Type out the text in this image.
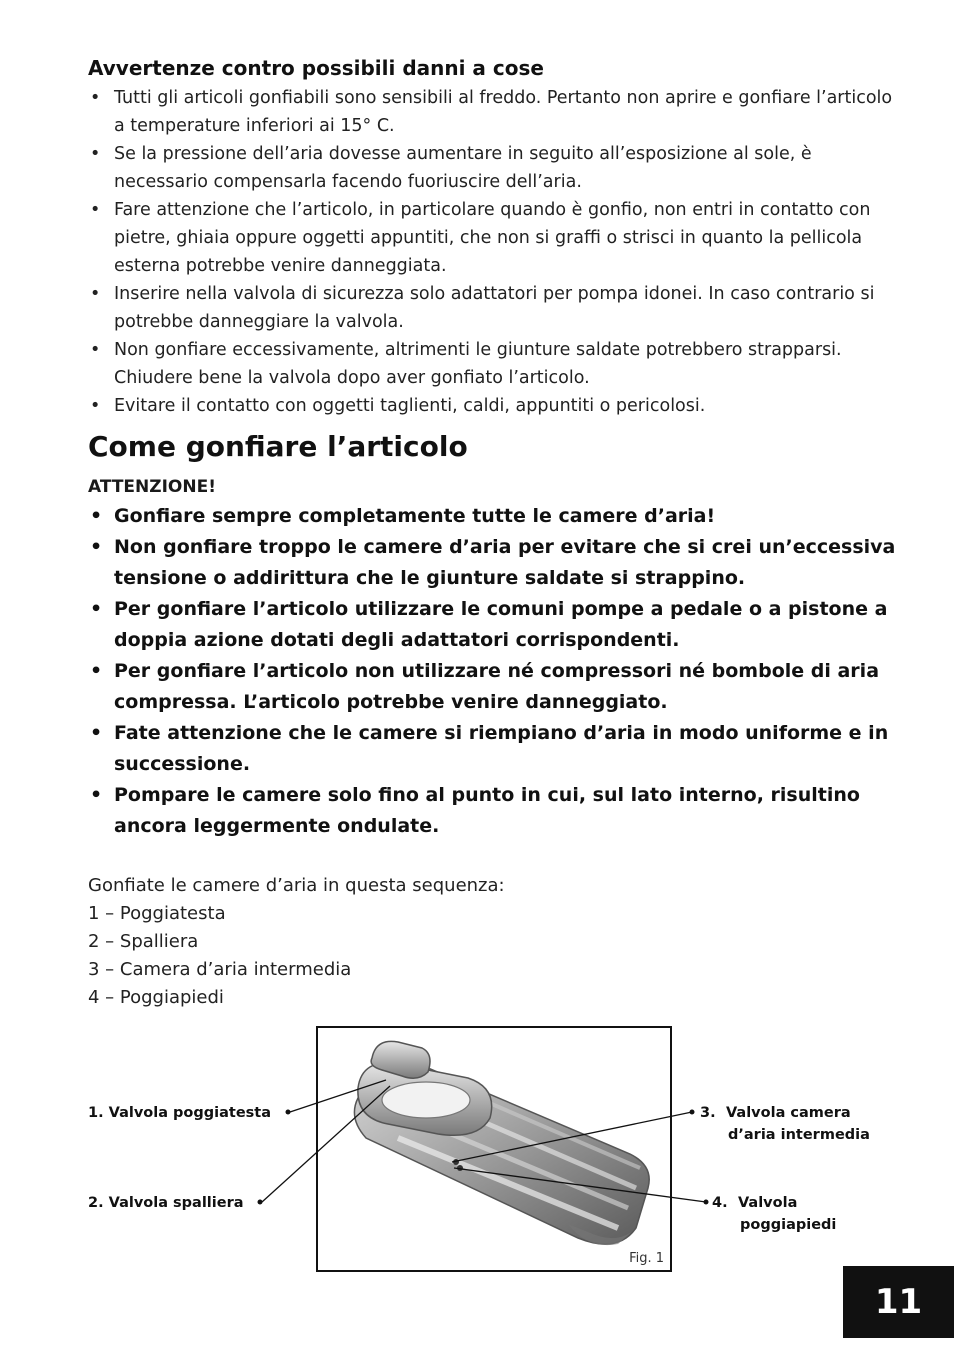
Avvertenze contro possibili danni a cose
• Tutti gli articoli gonfiabili sono sensibili al freddo. Pertanto non aprire e gonfiare l’articolo a temperature inferiori ai 15° C.
• Se la pressione dell’aria dovesse aumentare in seguito all’esposizione al sole, è necessario compensarla facendo fuoriuscire dell’aria.
• Fare attenzione che l’articolo, in particolare quando è gonfio, non entri in contatto con pietre, ghiaia oppure oggetti appuntiti, che non si graffi o strisci in quanto la pellicola esterna potrebbe venire danneggiata.
• Inserire nella valvola di sicurezza solo adattatori per pompa idonei. In caso contrario si potrebbe danneggiare la valvola.
• Non gonfiare eccessivamente, altrimenti le giunture saldate potrebbero strapparsi. Chiudere bene la valvola dopo aver gonfiato l’articolo.
• Evitare il contatto con oggetti taglienti, caldi, appuntiti o pericolosi.
Come gonfiare l’articolo
ATTENZIONE!
• Gonfiare sempre completamente tutte le camere d’aria!
• Non gonfiare troppo le camere d’aria per evitare che si crei un’eccessiva tensione o addirittura che le giunture saldate si strappino.
• Per gonfiare l’articolo utilizzare le comuni pompe a pedale o a pistone a doppia azione dotati degli adattatori corrispondenti.
• Per gonfiare l’articolo non utilizzare né compressori né bombole di aria compressa. L’articolo potrebbe venire danneggiato.
• Fate attenzione che le camere si riempiano d’aria in modo uniforme e in successione.
• Pompare le camere solo fino al punto in cui, sul lato interno, risultino ancora leggermente ondulate.
Gonfiate le camere d’aria in questa sequenza:
1 – Poggiatesta
2 – Spalliera
3 – Camera d’aria intermedia
4 – Poggiapiedi
Fig. 1
1. Valvola poggiatesta
2. Valvola spalliera
3. Valvola camera
d’aria intermedia
4. Valvola
poggiapiedi
11
